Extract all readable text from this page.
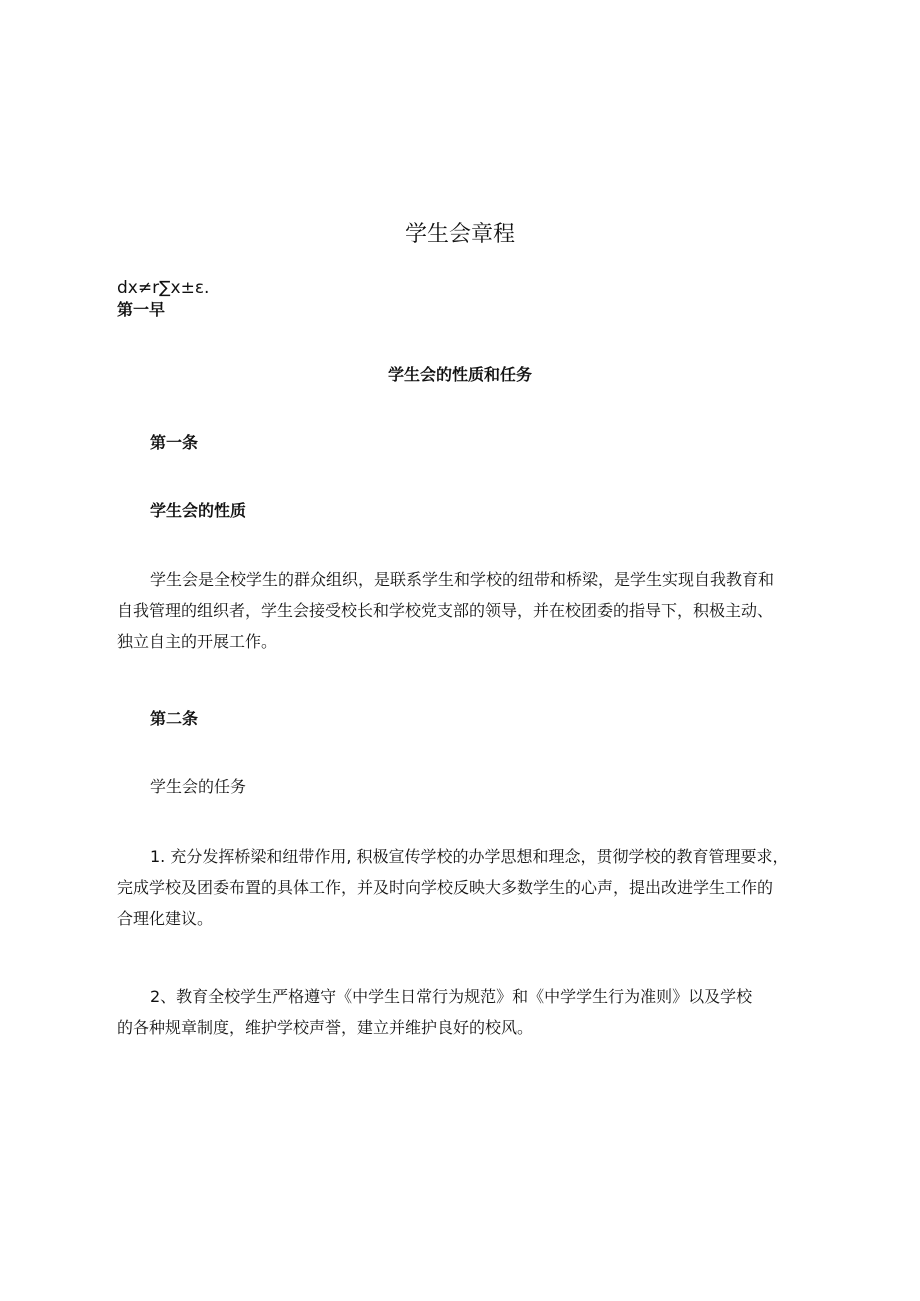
学生会章程
dx≠r∑x±ε.
第一早
学生会的性质和任务
第一条
学生会的性质

学生会是全校学生的群众组织，是联系学生和学校的纽带和桥梁，是学生实现自我教育和
自我管理的组织者，学生会接受校长和学校党支部的领导，并在校团委的指导下，积极主动、
独立自主的开展工作。

第二条
学生会的任务

1. 充分发挥桥梁和纽带作用, 积极宣传学校的办学思想和理念，贯彻学校的教育管理要求，
完成学校及团委布置的具体工作，并及时向学校反映大多数学生的心声，提出改进学生工作的
合理化建议。

2、教育全校学生严格遵守《中学生日常行为规范》和《中学学生行为准则》以及学校
的各种规章制度，维护学校声誉，建立并维护良好的校风。
